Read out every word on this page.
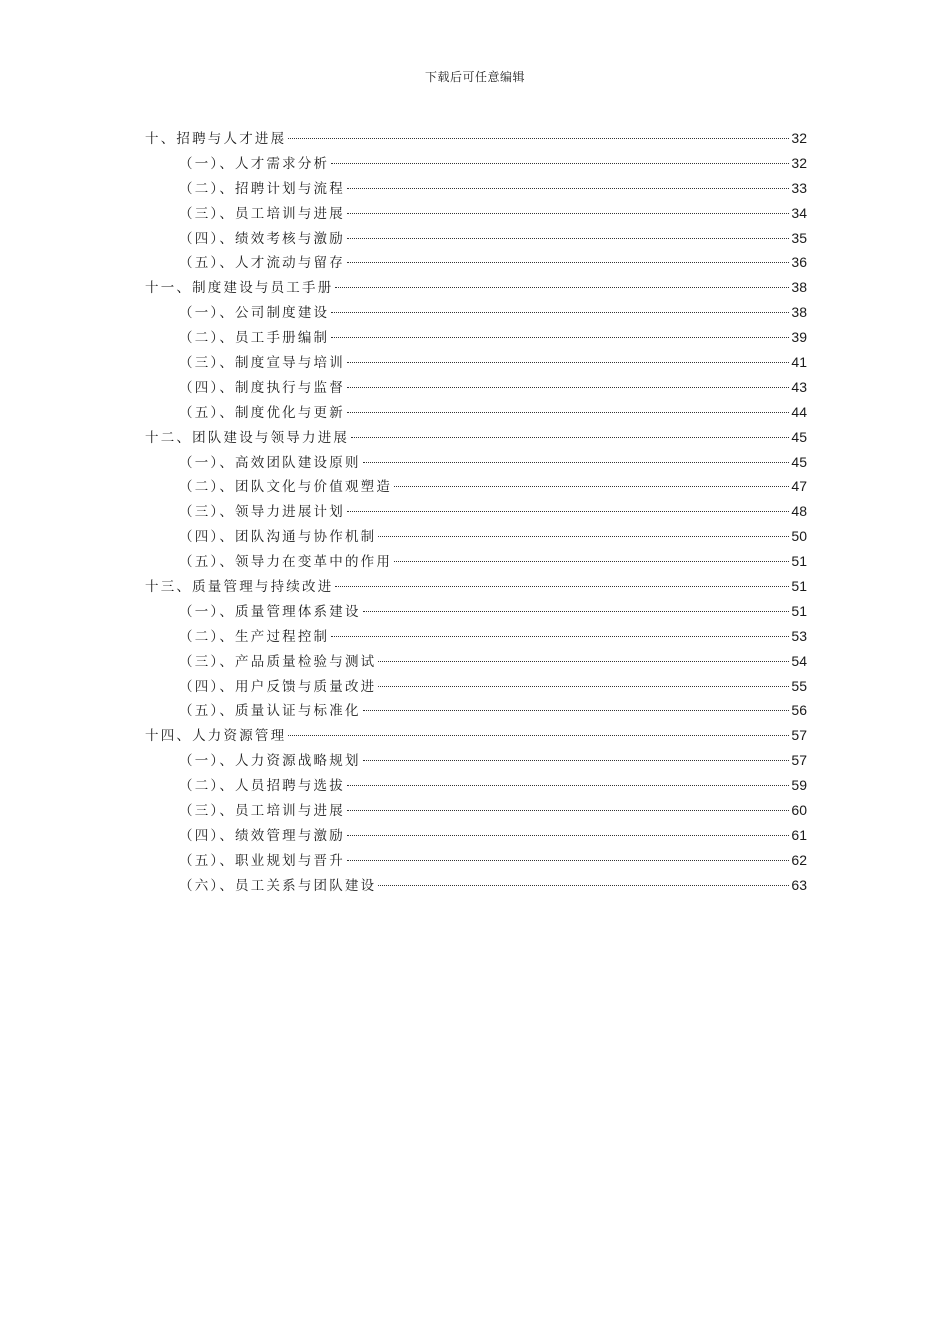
下载后可任意编辑
十、招聘与人才进展	32
（一）、人才需求分析	32
（二）、招聘计划与流程	33
（三）、员工培训与进展	34
（四）、绩效考核与激励	35
（五）、人才流动与留存	36
十一、制度建设与员工手册	38
（一）、公司制度建设	38
（二）、员工手册编制	39
（三）、制度宣导与培训	41
（四）、制度执行与监督	43
（五）、制度优化与更新	44
十二、团队建设与领导力进展	45
（一）、高效团队建设原则	45
（二）、团队文化与价值观塑造	47
（三）、领导力进展计划	48
（四）、团队沟通与协作机制	50
（五）、领导力在变革中的作用	51
十三、质量管理与持续改进	51
（一）、质量管理体系建设	51
（二）、生产过程控制	53
（三）、产品质量检验与测试	54
（四）、用户反馈与质量改进	55
（五）、质量认证与标准化	56
十四、人力资源管理	57
（一）、人力资源战略规划	57
（二）、人员招聘与选拔	59
（三）、员工培训与进展	60
（四）、绩效管理与激励	61
（五）、职业规划与晋升	62
（六）、员工关系与团队建设	63
